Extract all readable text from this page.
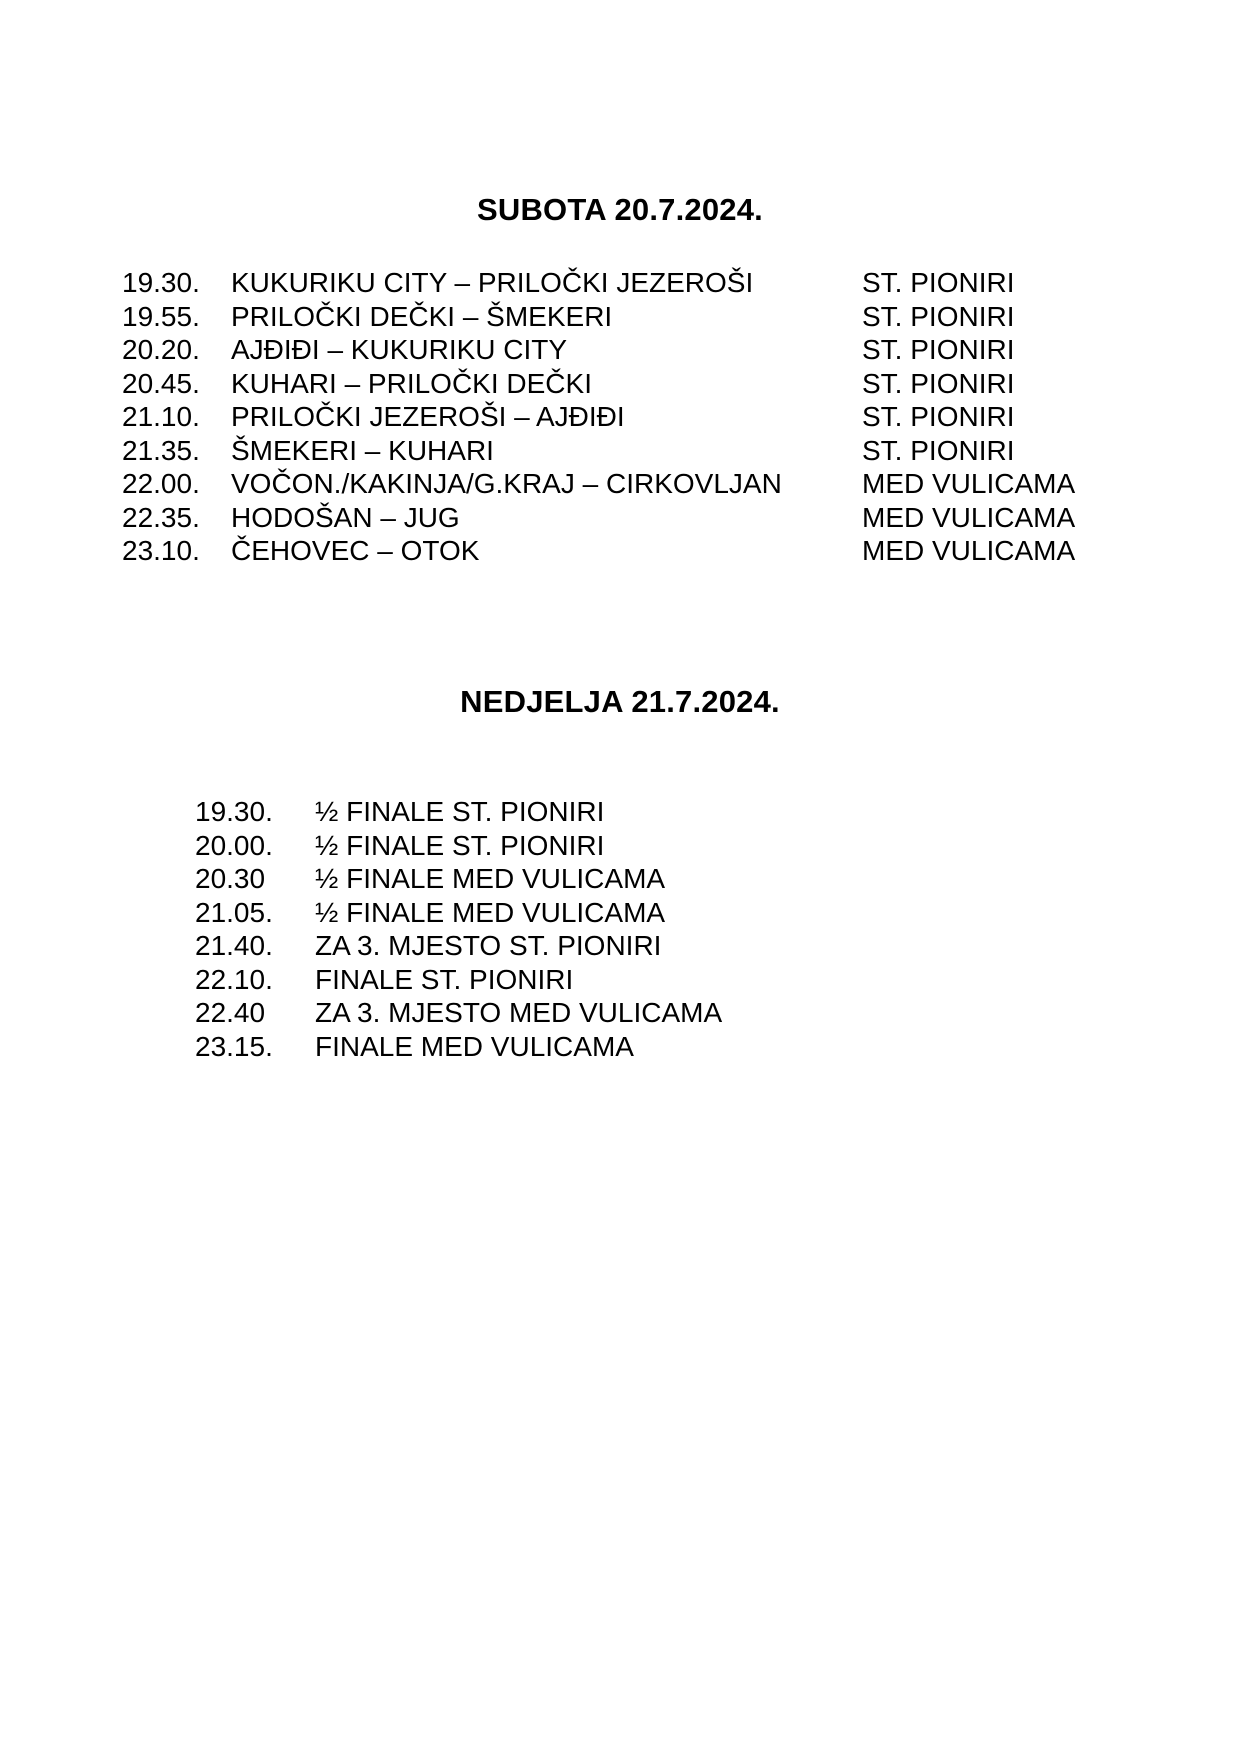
SUBOTA 20.7.2024.
19.30. KUKURIKU CITY – PRILOČKI JEZEROŠI	ST. PIONIRI
19.55. PRILOČKI DEČKI – ŠMEKERI	ST. PIONIRI
20.20. AJĐIĐI – KUKURIKU CITY	ST. PIONIRI
20.45. KUHARI – PRILOČKI DEČKI	ST. PIONIRI
21.10. PRILOČKI JEZEROŠI – AJĐIĐI	ST. PIONIRI
21.35. ŠMEKERI – KUHARI	ST. PIONIRI
22.00. VOČON./KAKINJA/G.KRAJ – CIRKOVLJAN	MED VULICAMA
22.35. HODOŠAN – JUG	MED VULICAMA
23.10. ČEHOVEC – OTOK	MED VULICAMA
NEDJELJA 21.7.2024.
19.30. ½ FINALE ST. PIONIRI
20.00. ½ FINALE ST. PIONIRI
20.30 ½ FINALE MED VULICAMA
21.05. ½ FINALE MED VULICAMA
21.40. ZA 3. MJESTO ST. PIONIRI
22.10. FINALE ST. PIONIRI
22.40 ZA 3. MJESTO MED VULICAMA
23.15. FINALE MED VULICAMA
